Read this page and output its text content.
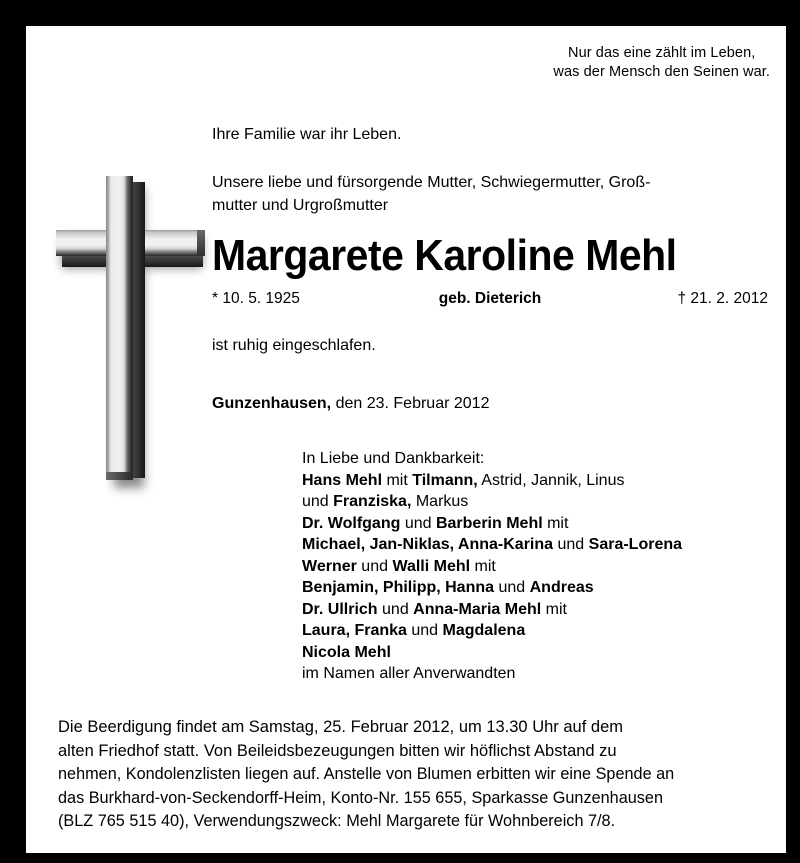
Nur das eine zählt im Leben,
was der Mensch den Seinen war.
Ihre Familie war ihr Leben.
Unsere liebe und fürsorgende Mutter, Schwiegermutter, Groß-
mutter und Urgroßmutter
Margarete Karoline Mehl
* 10. 5. 1925	geb. Dieterich	† 21. 2. 2012
ist ruhig eingeschlafen.
Gunzenhausen, den 23. Februar 2012
In Liebe und Dankbarkeit:
Hans Mehl mit Tilmann, Astrid, Jannik, Linus
und Franziska, Markus
Dr. Wolfgang und Barberin Mehl mit
Michael, Jan-Niklas, Anna-Karina und Sara-Lorena
Werner und Walli Mehl mit
Benjamin, Philipp, Hanna und Andreas
Dr. Ullrich und Anna-Maria Mehl mit
Laura, Franka und Magdalena
Nicola Mehl
im Namen aller Anverwandten
Die Beerdigung findet am Samstag, 25. Februar 2012, um 13.30 Uhr auf dem
alten Friedhof statt. Von Beileidsbezeugungen bitten wir höflichst Abstand zu
nehmen, Kondolenzlisten liegen auf. Anstelle von Blumen erbitten wir eine Spende an
das Burkhard-von-Seckendorff-Heim, Konto-Nr. 155 655, Sparkasse Gunzenhausen
(BLZ 765 515 40), Verwendungszweck: Mehl Margarete für Wohnbereich 7/8.
